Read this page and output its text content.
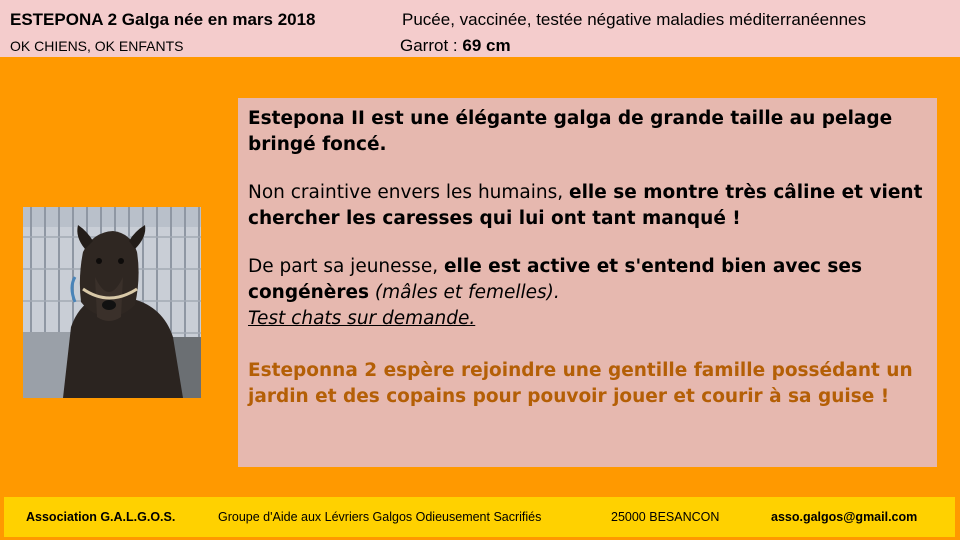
ESTEPONA 2 Galga née en mars 2018
OK CHIENS, OK ENFANTS
Pucée, vaccinée, testée négative maladies méditerranéennes
Garrot : 69 cm

Estepona II est une élégante galga de grande taille au pelage bringé foncé.

Non craintive envers les humains, elle se montre très câline et vient chercher les caresses qui lui ont tant manqué !

De part sa jeunesse, elle est active et s'entend bien avec ses congénères (mâles et femelles).
Test chats sur demande.

Esteponna 2 espère rejoindre une gentille famille possédant un jardin et des copains pour pouvoir jouer et courir à sa guise !

Association G.A.L.G.O.S.	Groupe d'Aide aux Lévriers Galgos Odieusement Sacrifiés	25000 BESANCON	asso.galgos@gmail.com
